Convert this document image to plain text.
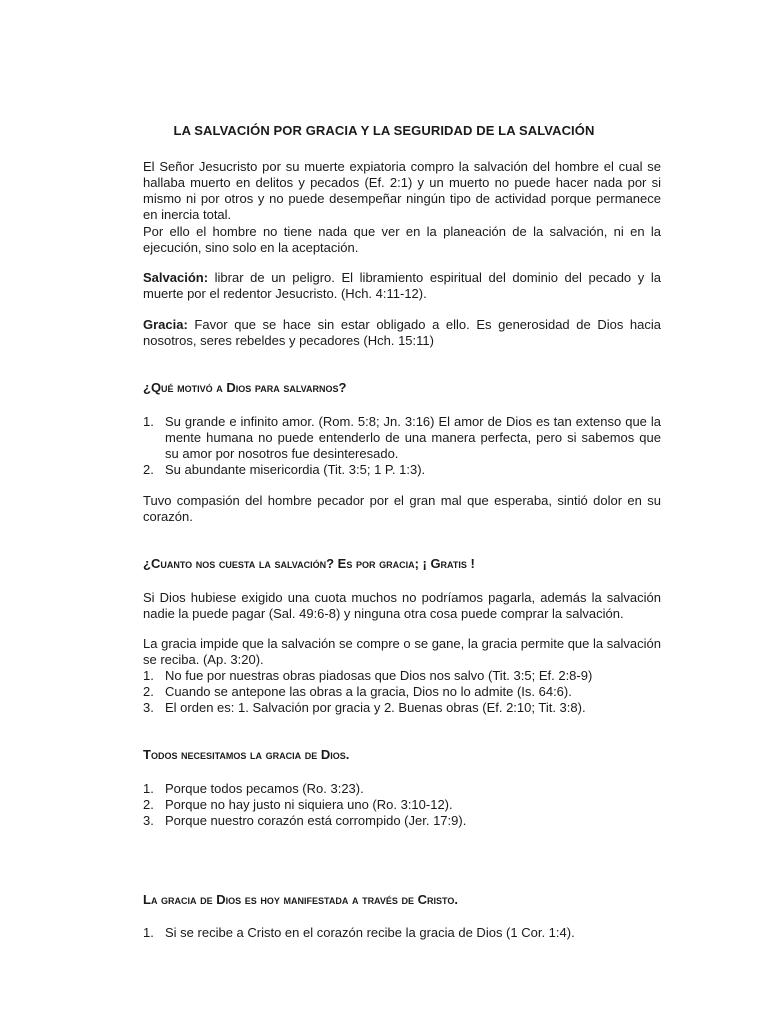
LA SALVACIÓN POR GRACIA Y LA SEGURIDAD DE LA SALVACIÓN

El Señor Jesucristo por su muerte expiatoria compro la salvación del hombre el cual se hallaba muerto en delitos y pecados (Ef. 2:1) y un muerto no puede hacer nada por si mismo ni por otros y no puede desempeñar ningún tipo de actividad porque permanece en inercia total.

Por ello el hombre no tiene nada que ver en la planeación de la salvación, ni en la ejecución, sino solo en la aceptación.

Salvación: librar de un peligro. El libramiento espiritual del dominio del pecado y la muerte por el redentor Jesucristo. (Hch. 4:11-12).

Gracia: Favor que se hace sin estar obligado a ello. Es generosidad de Dios hacia nosotros, seres rebeldes y pecadores (Hch. 15:11)

¿Qué motivó a Dios para salvarnos?
1. Su grande e infinito amor. (Rom. 5:8; Jn. 3:16) El amor de Dios es tan extenso que la mente humana no puede entenderlo de una manera perfecta, pero si sabemos que su amor por nosotros fue desinteresado.
2. Su abundante misericordia (Tit. 3:5; 1 P. 1:3).

Tuvo compasión del hombre pecador por el gran mal que esperaba, sintió dolor en su corazón.

¿Cuanto nos cuesta la salvación? Es por gracia; ¡ Gratis !

Si Dios hubiese exigido una cuota muchos no podríamos pagarla, además la salvación nadie la puede pagar (Sal. 49:6-8) y ninguna otra cosa puede comprar la salvación.

La gracia impide que la salvación se compre o se gane, la gracia permite que la salvación se reciba. (Ap. 3:20).

1. No fue por nuestras obras piadosas que Dios nos salvo (Tit. 3:5; Ef. 2:8-9)
2. Cuando se antepone las obras a la gracia, Dios no lo admite (Is. 64:6).
3. El orden es: 1. Salvación por gracia y 2. Buenas obras (Ef. 2:10; Tit. 3:8).
Todos necesitamos la gracia de Dios.
1. Porque todos pecamos (Ro. 3:23).
2. Porque no hay justo ni siquiera uno (Ro. 3:10-12).
3. Porque nuestro corazón está corrompido (Jer. 17:9).
La gracia de Dios es hoy manifestada a través de Cristo.
1. Si se recibe a Cristo en el corazón recibe la gracia de Dios (1 Cor. 1:4).
